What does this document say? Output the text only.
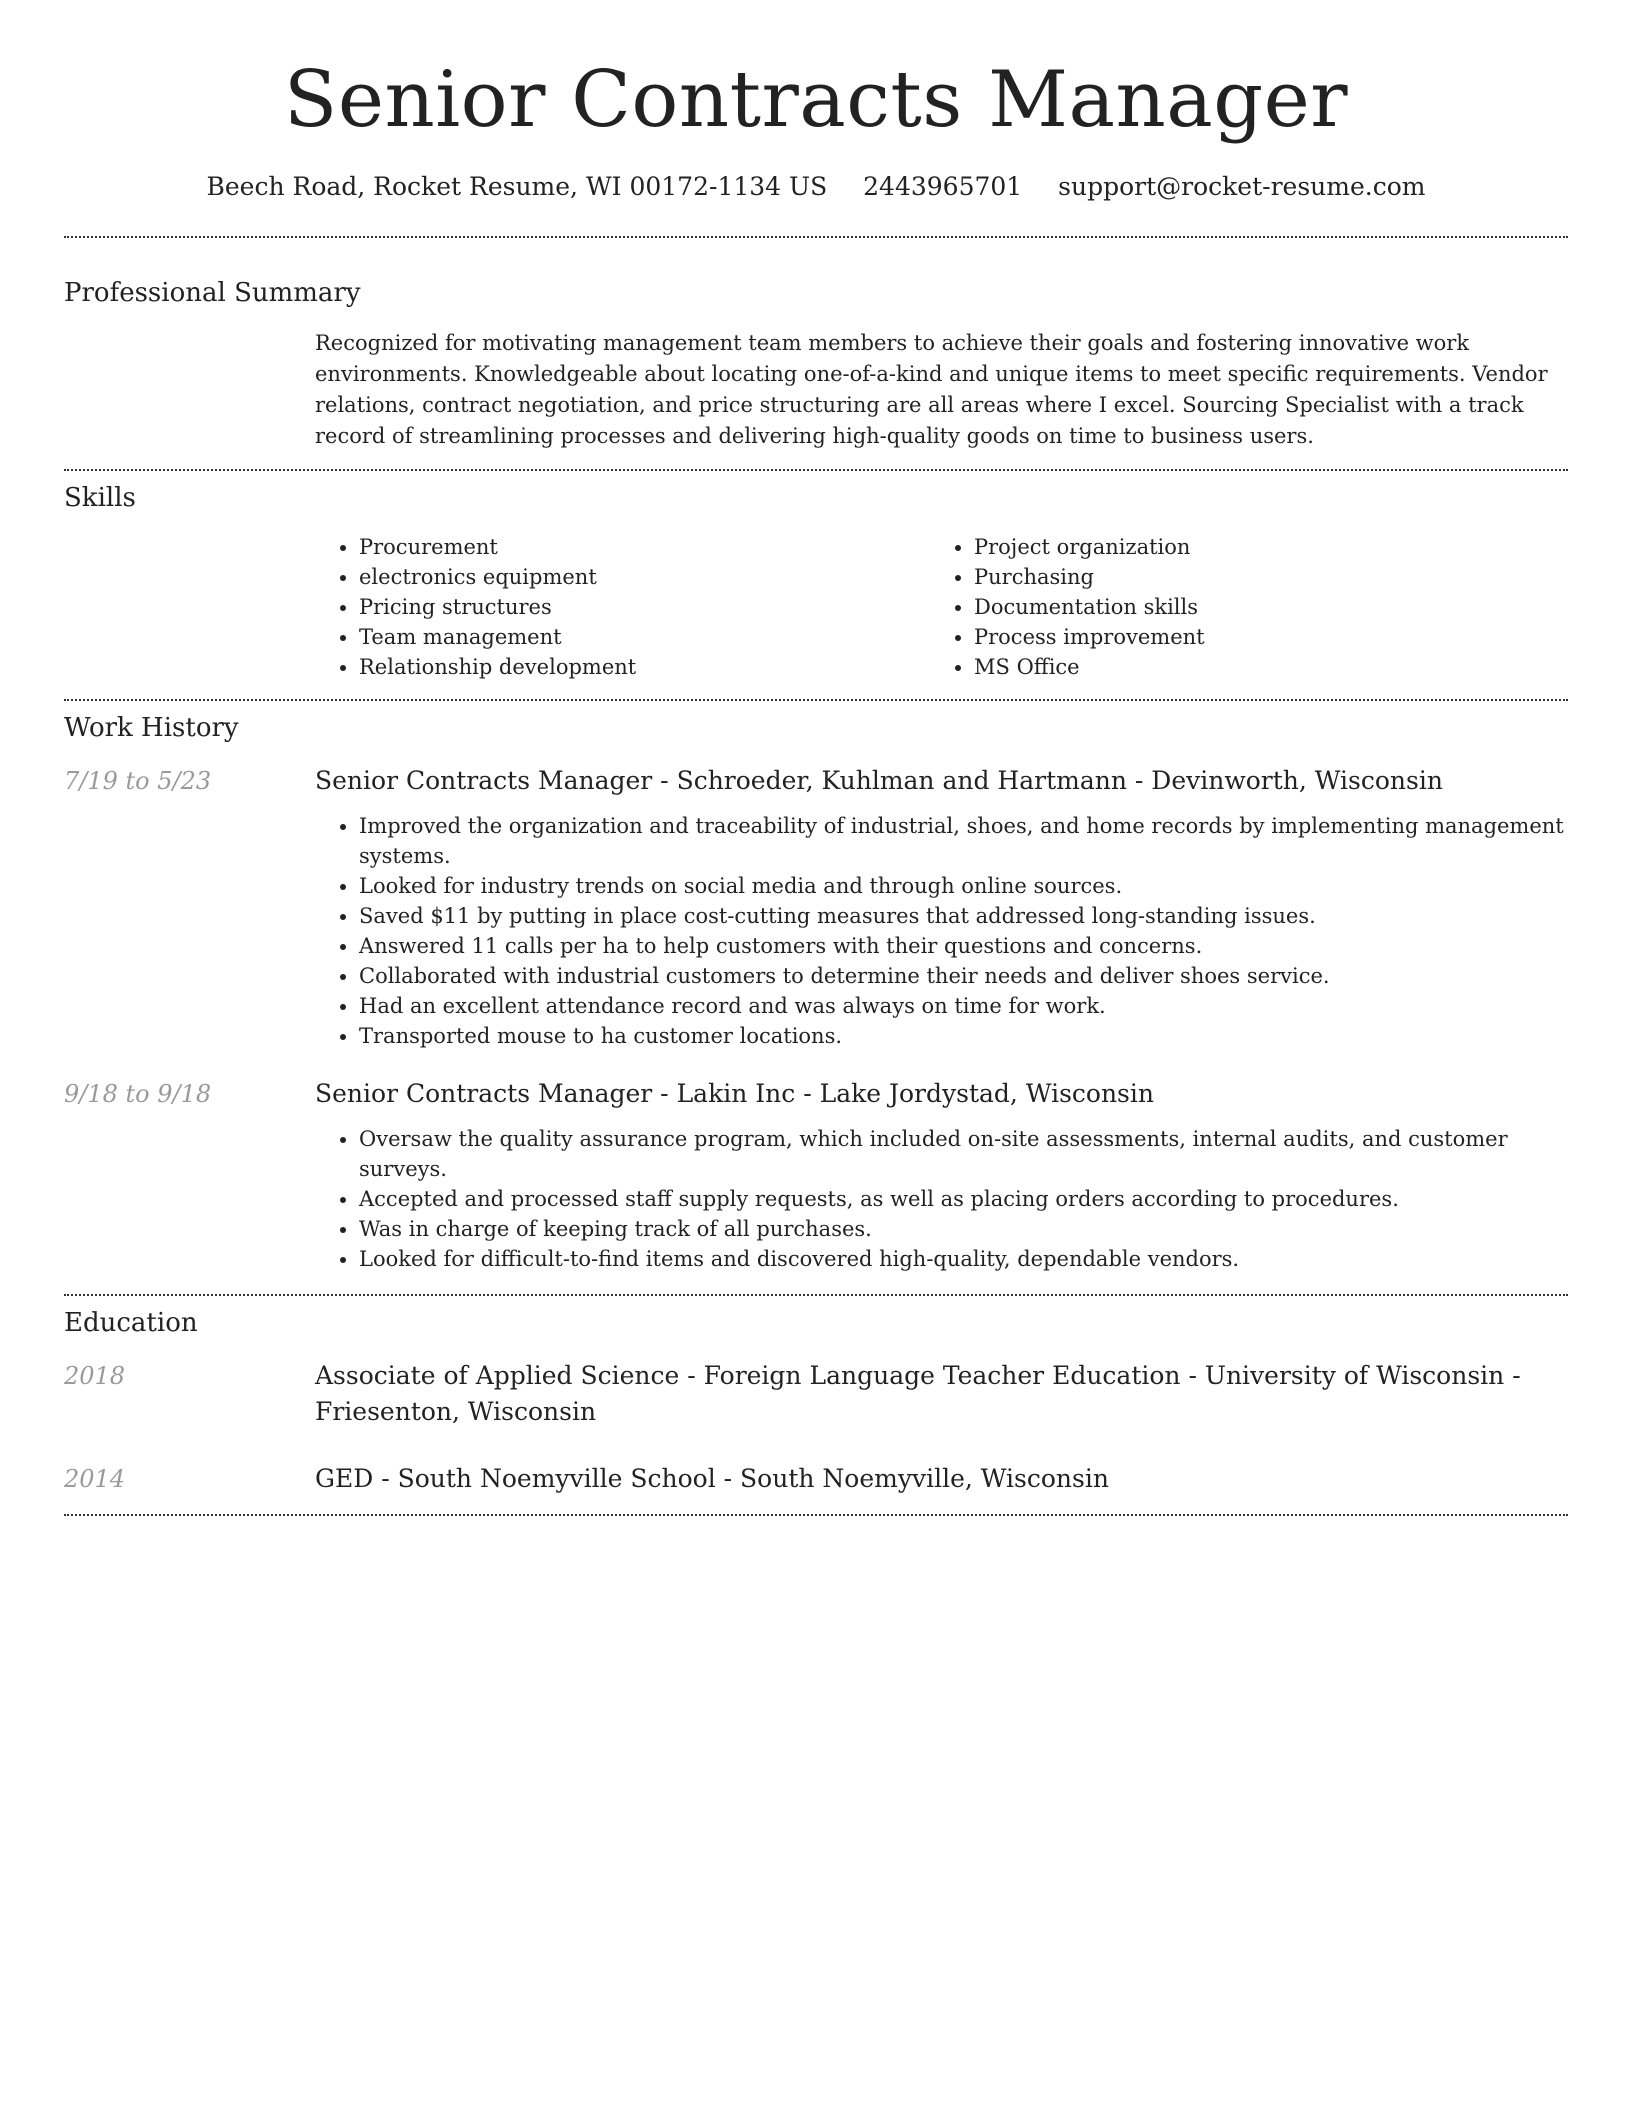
Senior Contracts Manager
Beech Road, Rocket Resume, WI 00172-1134 US 2443965701 support@rocket-resume.com
Professional Summary
Recognized for motivating management team members to achieve their goals and fostering innovative work environments. Knowledgeable about locating one-of-a-kind and unique items to meet specific requirements. Vendor relations, contract negotiation, and price structuring are all areas where I excel. Sourcing Specialist with a track record of streamlining processes and delivering high-quality goods on time to business users.
Skills
• Procurement
• electronics equipment
• Pricing structures
• Team management
• Relationship development
• Project organization
• Purchasing
• Documentation skills
• Process improvement
• MS Office
Work History
7/19 to 5/23	Senior Contracts Manager - Schroeder, Kuhlman and Hartmann - Devinworth, Wisconsin
• Improved the organization and traceability of industrial, shoes, and home records by implementing management systems.
• Looked for industry trends on social media and through online sources.
• Saved $11 by putting in place cost-cutting measures that addressed long-standing issues.
• Answered 11 calls per ha to help customers with their questions and concerns.
• Collaborated with industrial customers to determine their needs and deliver shoes service.
• Had an excellent attendance record and was always on time for work.
• Transported mouse to ha customer locations.
9/18 to 9/18	Senior Contracts Manager - Lakin Inc - Lake Jordystad, Wisconsin
• Oversaw the quality assurance program, which included on-site assessments, internal audits, and customer surveys.
• Accepted and processed staff supply requests, as well as placing orders according to procedures.
• Was in charge of keeping track of all purchases.
• Looked for difficult-to-find items and discovered high-quality, dependable vendors.
Education
2018	Associate of Applied Science - Foreign Language Teacher Education - University of Wisconsin - Friesenton, Wisconsin
2014	GED - South Noemyville School - South Noemyville, Wisconsin
